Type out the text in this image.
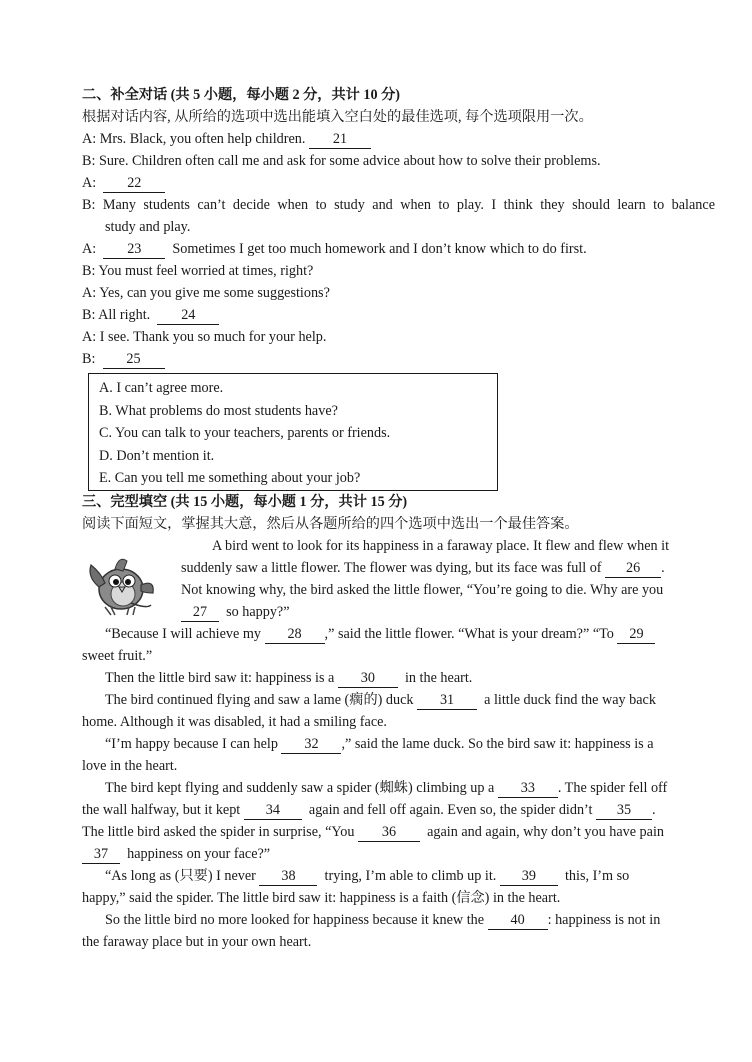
二、补全对话 (共 5 小题，每小题 2 分，共计 10 分)
根据对话内容, 从所给的选项中选出能填入空白处的最佳选项, 每个选项限用一次。
A: Mrs. Black, you often help children. 21
B: Sure. Children often call me and ask for some advice about how to solve their problems.
A: 22
B: Many students can’t decide when to study and when to play. I think they should learn to balance
study and play.
A: 23 Sometimes I get too much homework and I don’t know which to do first.
B: You must feel worried at times, right?
A: Yes, can you give me some suggestions?
B: All right. 24
A: I see. Thank you so much for your help.
B: 25
A. I can’t agree more.
B. What problems do most students have?
C. You can talk to your teachers, parents or friends.
D. Don’t mention it.
E. Can you tell me something about your job?
三、完型填空 (共 15 小题，每小题 1 分，共计 15 分)
阅读下面短文，掌握其大意，然后从各题所给的四个选项中选出一个最佳答案。
A bird went to look for its happiness in a faraway place. It flew and flew when it
suddenly saw a little flower. The flower was dying, but its face was full of 26 .
Not knowing why, the bird asked the little flower, “You’re going to die. Why are you
27 so happy?”
“Because I will achieve my 28 ,” said the little flower. “What is your dream?” “To 29
sweet fruit.”
Then the little bird saw it: happiness is a 30 in the heart.
The bird continued flying and saw a lame (瘸的) duck 31 a little duck find the way back
home. Although it was disabled, it had a smiling face.
“I’m happy because I can help 32 ,” said the lame duck. So the bird saw it: happiness is a
love in the heart.
The bird kept flying and suddenly saw a spider (蜘蛛) climbing up a 33 . The spider fell off
the wall halfway, but it kept 34 again and fell off again. Even so, the spider didn’t 35 .
The little bird asked the spider in surprise, “You 36 again and again, why don’t you have pain
37 happiness on your face?”
“As long as (只要) I never 38 trying, I’m able to climb up it. 39 this, I’m so
happy,” said the spider. The little bird saw it: happiness is a faith (信念) in the heart.
So the little bird no more looked for happiness because it knew the 40 : happiness is not in
the faraway place but in your own heart.
